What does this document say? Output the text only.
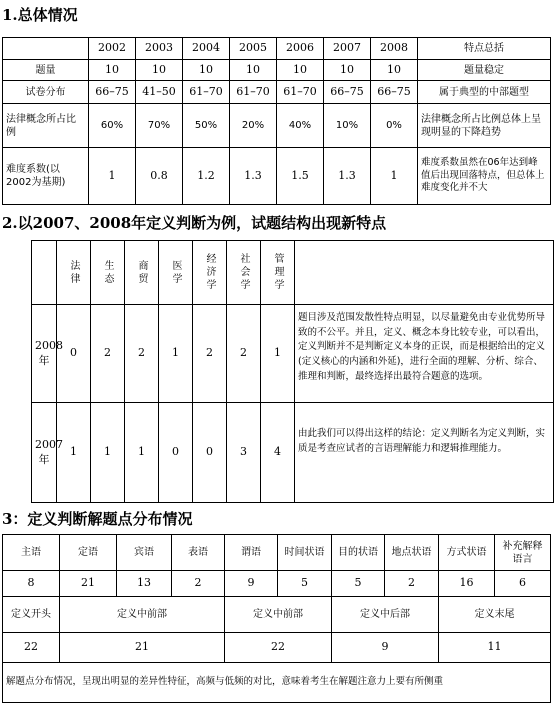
1.总体情况
	2002	2003	2004	2005	2006	2007	2008	特点总括
题量	10	10	10	10	10	10	10	题量稳定
试卷分布	66–75	41–50	61–70	61–70	61–70	66–75	66–75	属于典型的中部题型
法律概念所占比例	60%	70%	50%	20%	40%	10%	0%	法律概念所占比例总体上呈现明显的下降趋势
难度系数(以2002为基期)	1	0.8	1.2	1.3	1.5	1.3	1	难度系数虽然在06年达到峰值后出现回落特点，但总体上难度变化并不大
2.以2007、2008年定义判断为例，试题结构出现新特点

	法律	生态	商贸	医学	经济学	社会学	管理学	

2008 年	0	2	2	1	2	2	1	题目涉及范围发散性特点明显，以尽量避免由专业优势所导致的不公平。并且，定义、概念本身比较专业，可以看出，定义判断并不是判断定义本身的正误，而是根据给出的定义(定义核心的内涵和外延)，进行全面的理解、分析、综合、推理和判断，最终选择出最符合题意的选项。
2007 年	1	1	1	0	0	3	4	由此我们可以得出这样的结论：定义判断名为定义判断，实质是考查应试者的言语理解能力和逻辑推理能力。
3：定义判断解题点分布情况
主语	定语	宾语	表语	谓语	时间状语	目的状语	地点状语	方式状语	补充解释语言
8	21	13	2	9	5	5	2	16	6
定义开头	定义中前部			定义中前部		定义中后部		定义末尾	
22	21			22		9		11	
解题点分布情况，呈现出明显的差异性特征，高频与低频的对比，意味着考生在解题注意力上要有所侧重									
